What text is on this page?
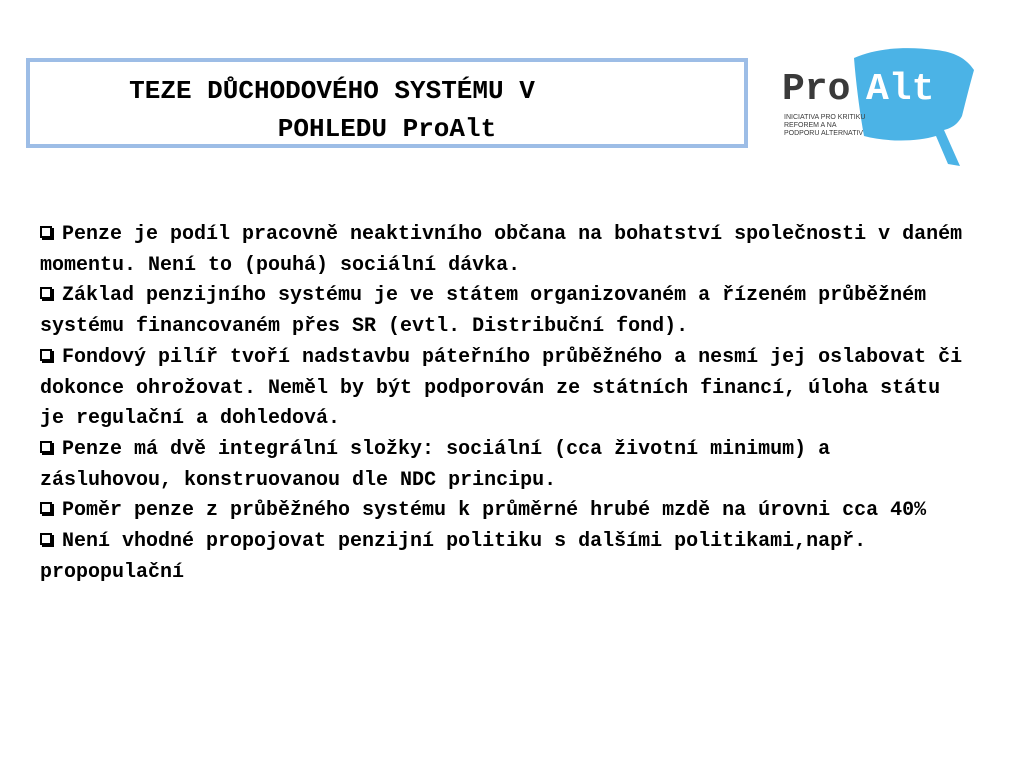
TEZE DŮCHODOVÉHO SYSTÉMU V
POHLEDU ProAlt
Pro Alt
INICIATIVA PRO KRITIKU REFOREM A NA PODPORU ALTERNATIV
Penze je podíl pracovně neaktivního občana na bohatství společnosti v daném momentu. Není to (pouhá) sociální dávka.
Základ penzijního systému je ve státem organizovaném a řízeném průběžném systému financovaném přes SR (evtl. Distribuční fond).
Fondový pilíř tvoří nadstavbu páteřního průběžného a nesmí jej oslabovat či dokonce ohrožovat. Neměl by být podporován ze státních financí, úloha státu je regulační a dohledová.
Penze má dvě integrální složky: sociální (cca životní minimum) a zásluhovou, konstruovanou dle NDC principu.
Poměr penze z průběžného systému k průměrné hrubé mzdě na úrovni cca 40%
Není vhodné propojovat penzijní politiku s dalšími politikami,např. propopulační
